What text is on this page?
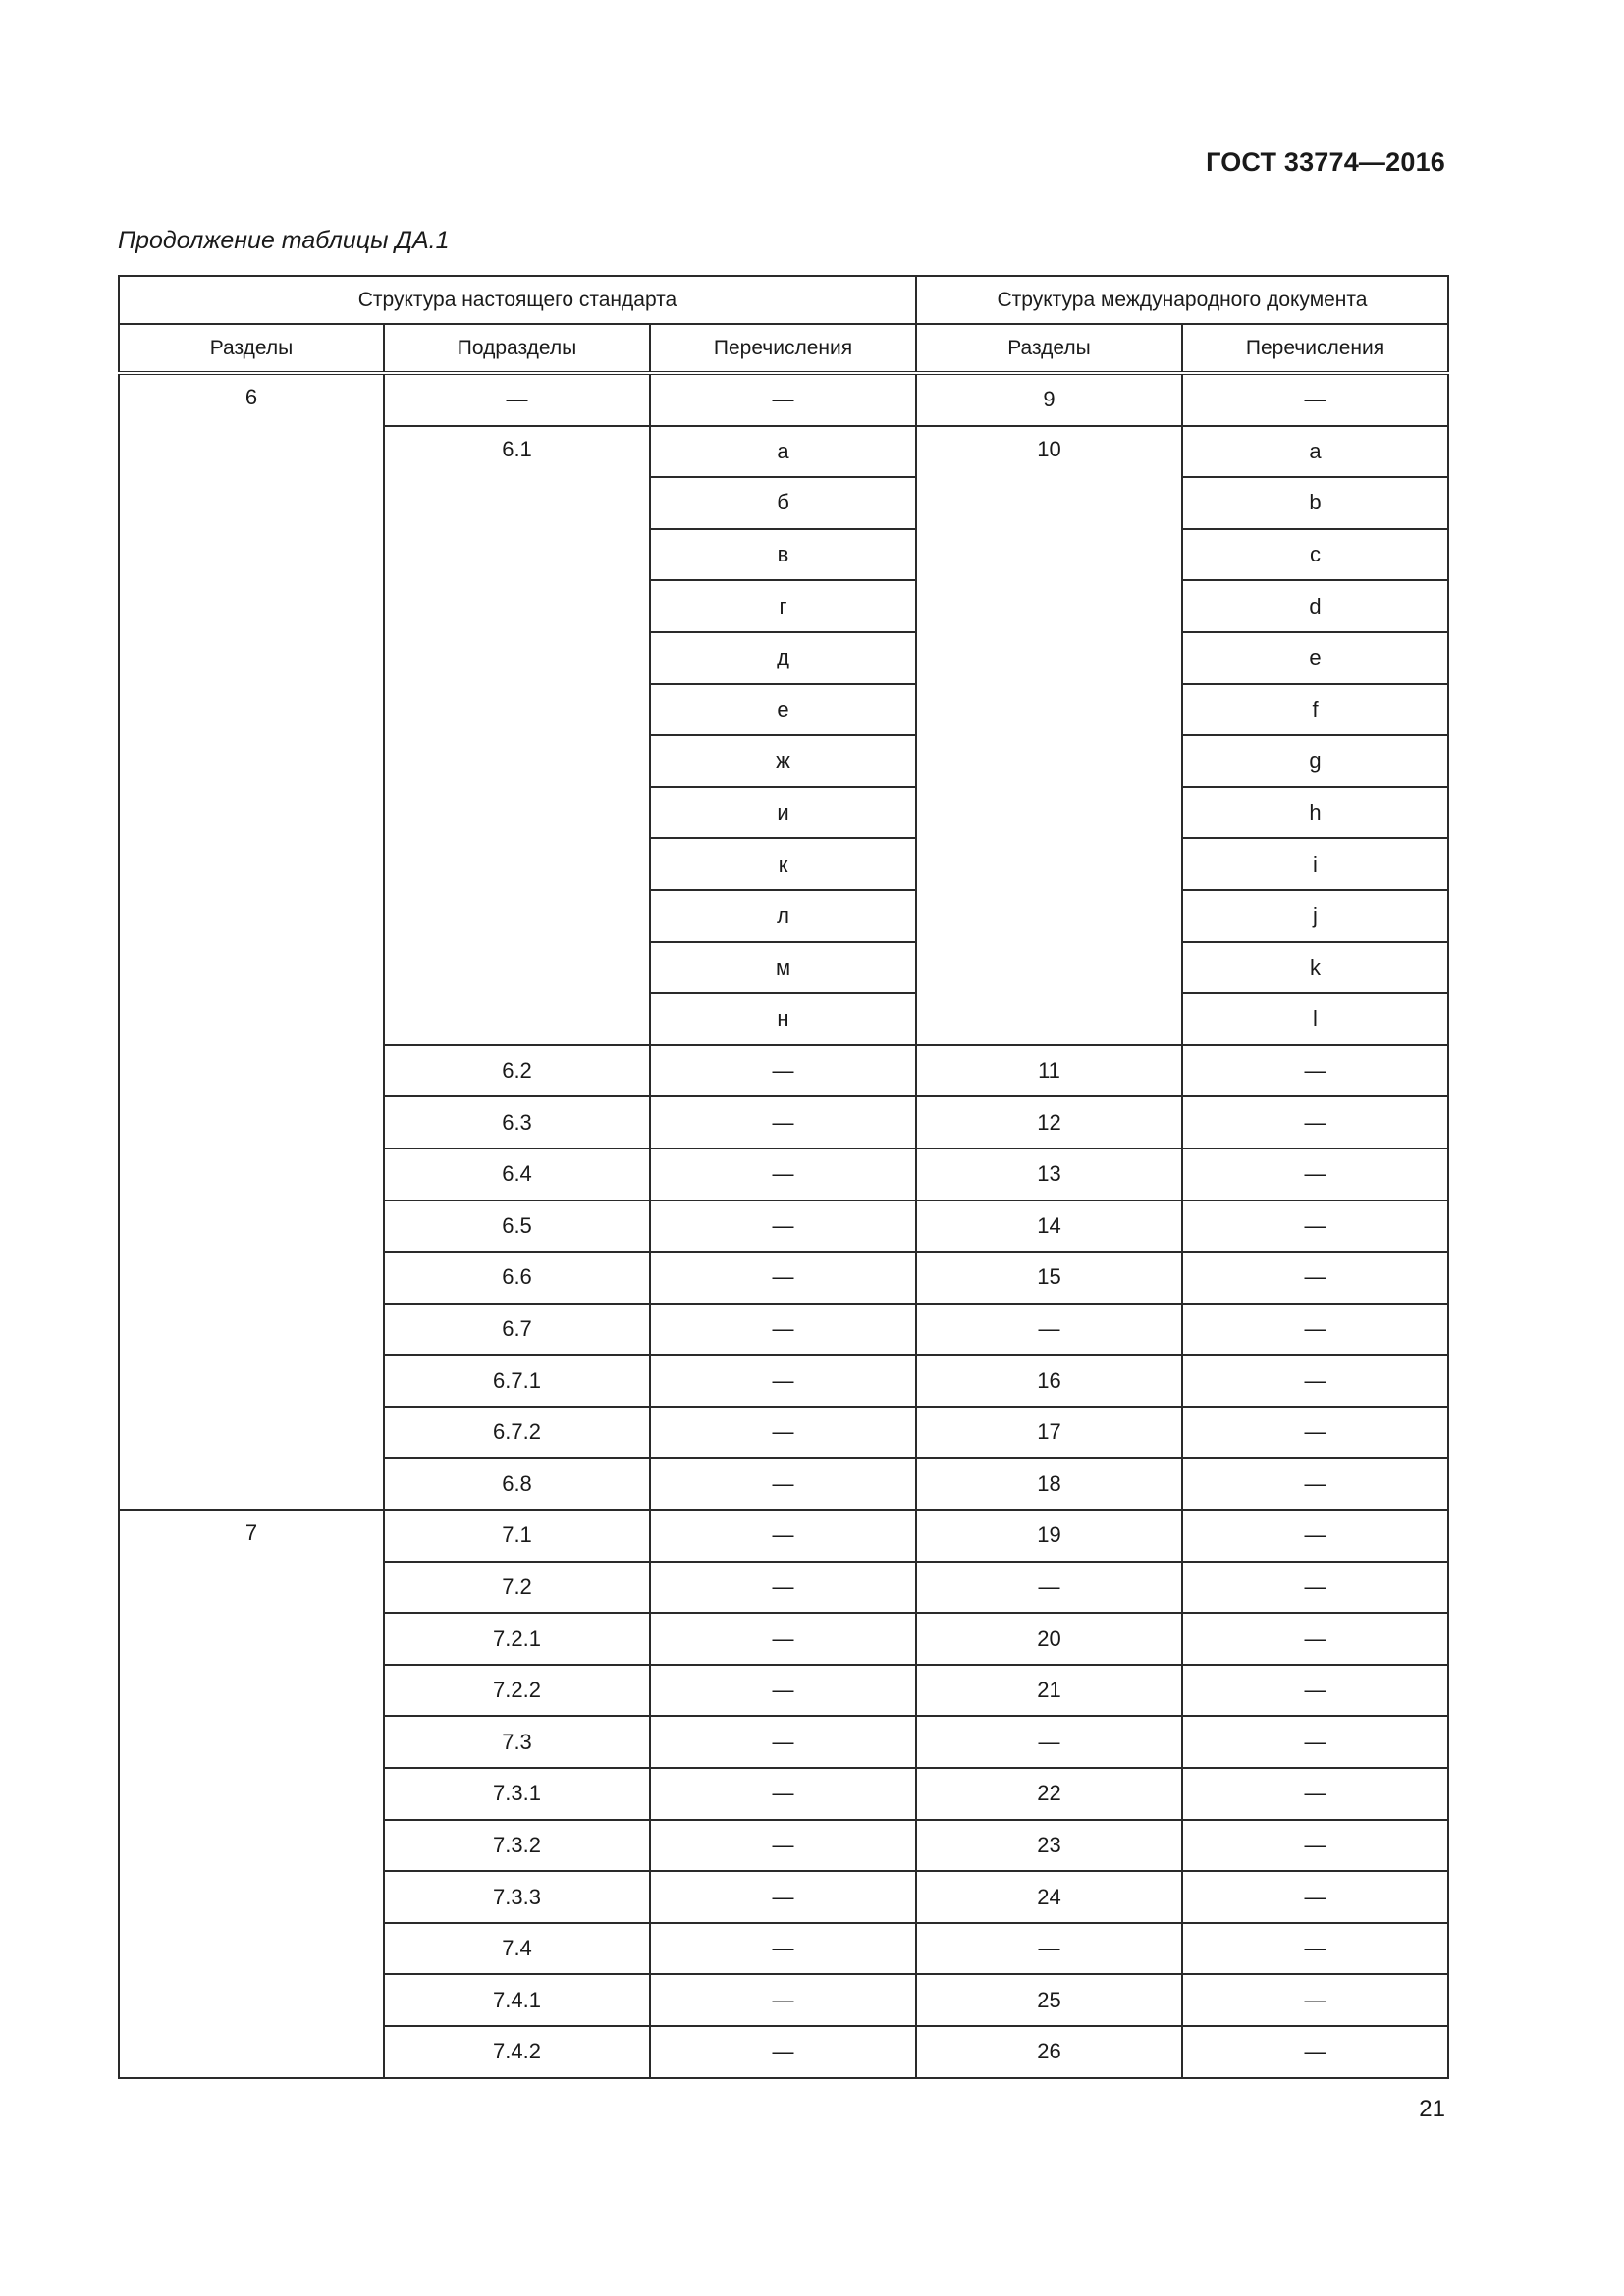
ГОСТ 33774—2016
Продолжение таблицы ДА.1
Структура настоящего стандарта			Структура международного документа	
Разделы	Подразделы	Перечисления	Разделы	Перечисления
6	—	—	9	—
	6.1	а	10	a
		б		b
		в		c
		г		d
		д		e
		е		f
		ж		g
		и		h
		к		i
		л		j
		м		k
		н		l
	6.2	—	11	—
	6.3	—	12	—
	6.4	—	13	—
	6.5	—	14	—
	6.6	—	15	—
	6.7	—	—	—
	6.7.1	—	16	—
	6.7.2	—	17	—
	6.8	—	18	—
7	7.1	—	19	—
	7.2	—	—	—
	7.2.1	—	20	—
	7.2.2	—	21	—
	7.3	—	—	—
	7.3.1	—	22	—
	7.3.2	—	23	—
	7.3.3	—	24	—
	7.4	—	—	—
	7.4.1	—	25	—
	7.4.2	—	26	—
21
